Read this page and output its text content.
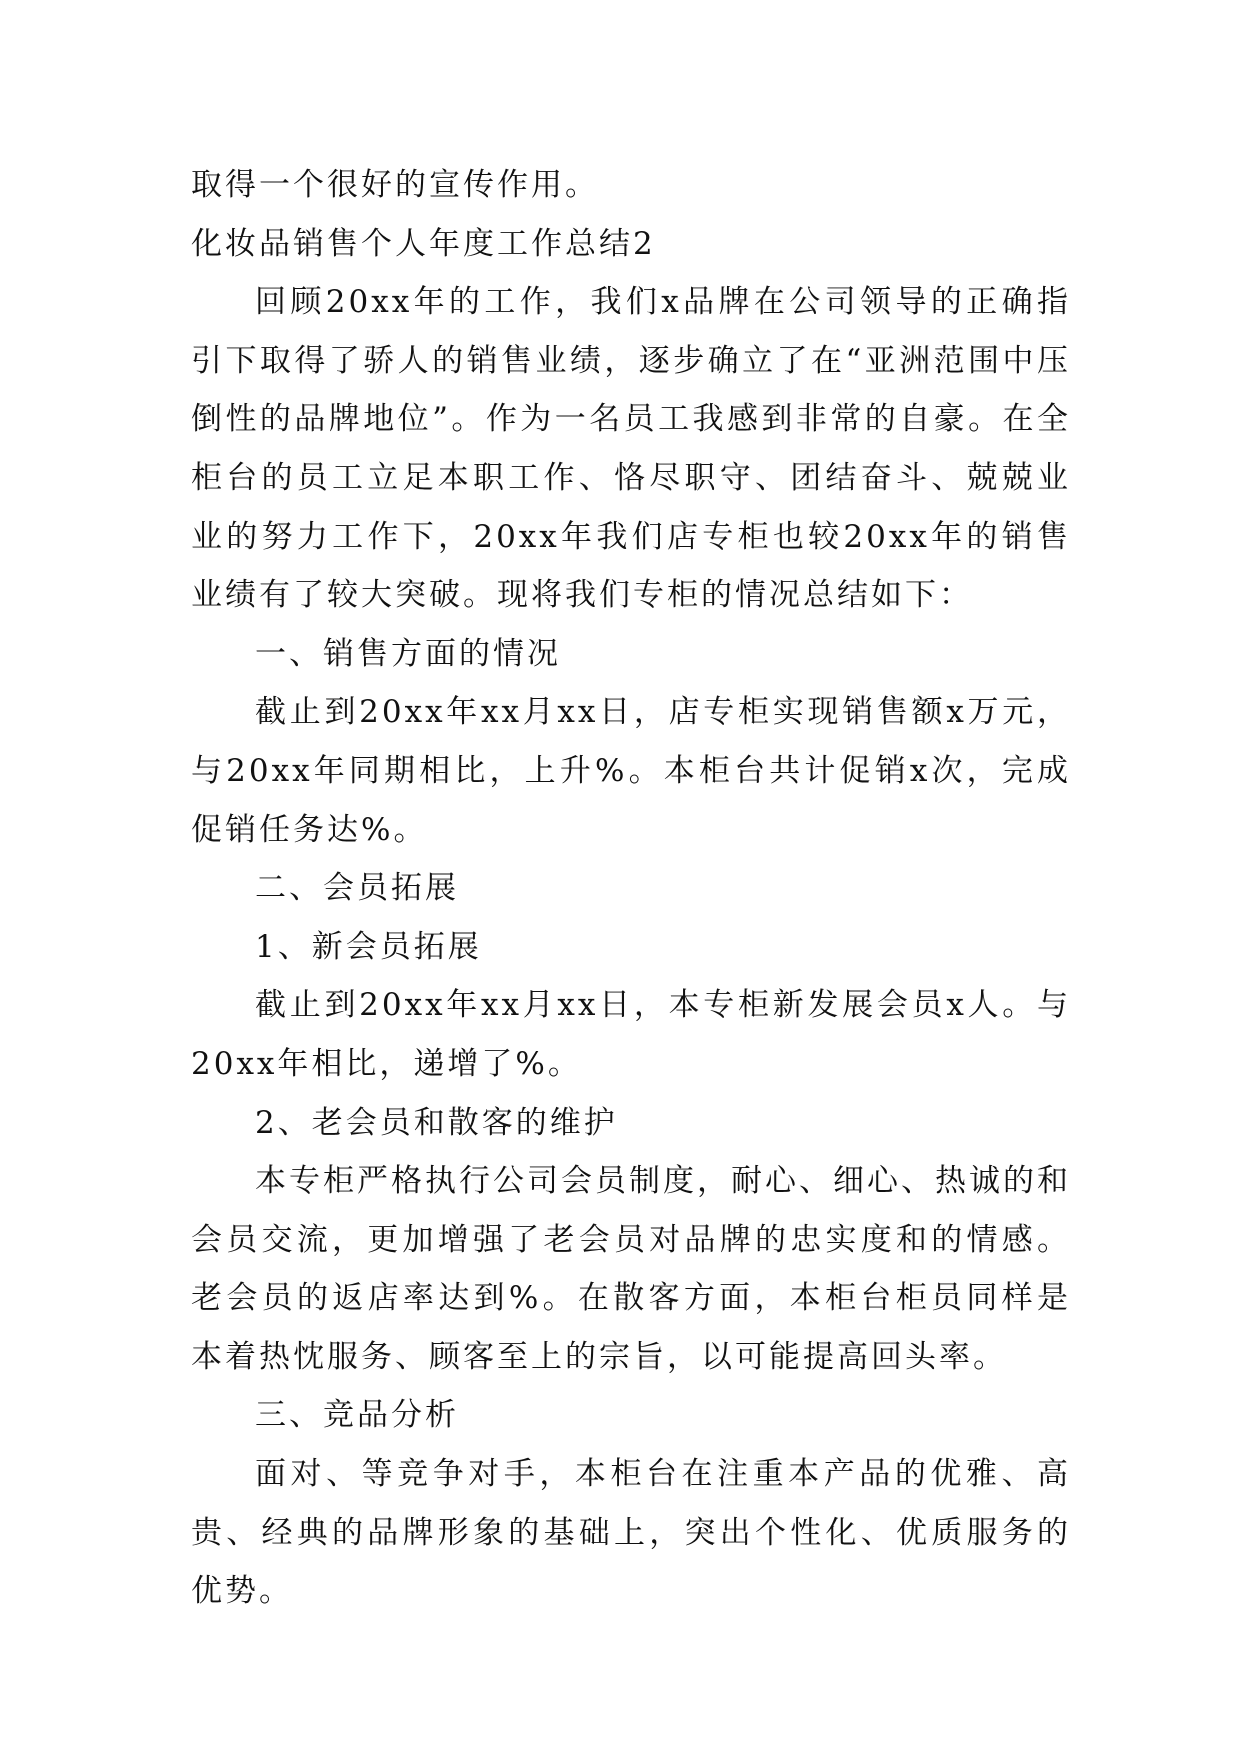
取得一个很好的宣传作用。

化妆品销售个人年度工作总结2

回顾20xx年的工作，我们x品牌在公司领导的正确指引下取得了骄人的销售业绩，逐步确立了在“亚洲范围中压倒性的品牌地位”。作为一名员工我感到非常的自豪。在全柜台的员工立足本职工作、恪尽职守、团结奋斗、兢兢业业的努力工作下，20xx年我们店专柜也较20xx年的销售业绩有了较大突破。现将我们专柜的情况总结如下：

一、销售方面的情况

截止到20xx年xx月xx日，店专柜实现销售额x万元，与20xx年同期相比，上升%。本柜台共计促销x次，完成促销任务达%。

二、会员拓展

1、新会员拓展

截止到20xx年xx月xx日，本专柜新发展会员x人。与20xx年相比，递增了%。

2、老会员和散客的维护

本专柜严格执行公司会员制度，耐心、细心、热诚的和会员交流，更加增强了老会员对品牌的忠实度和的情感。老会员的返店率达到%。在散客方面，本柜台柜员同样是本着热忱服务、顾客至上的宗旨，以可能提高回头率。

三、竞品分析

面对、等竞争对手，本柜台在注重本产品的优雅、高贵、经典的品牌形象的基础上，突出个性化、优质服务的优势。
